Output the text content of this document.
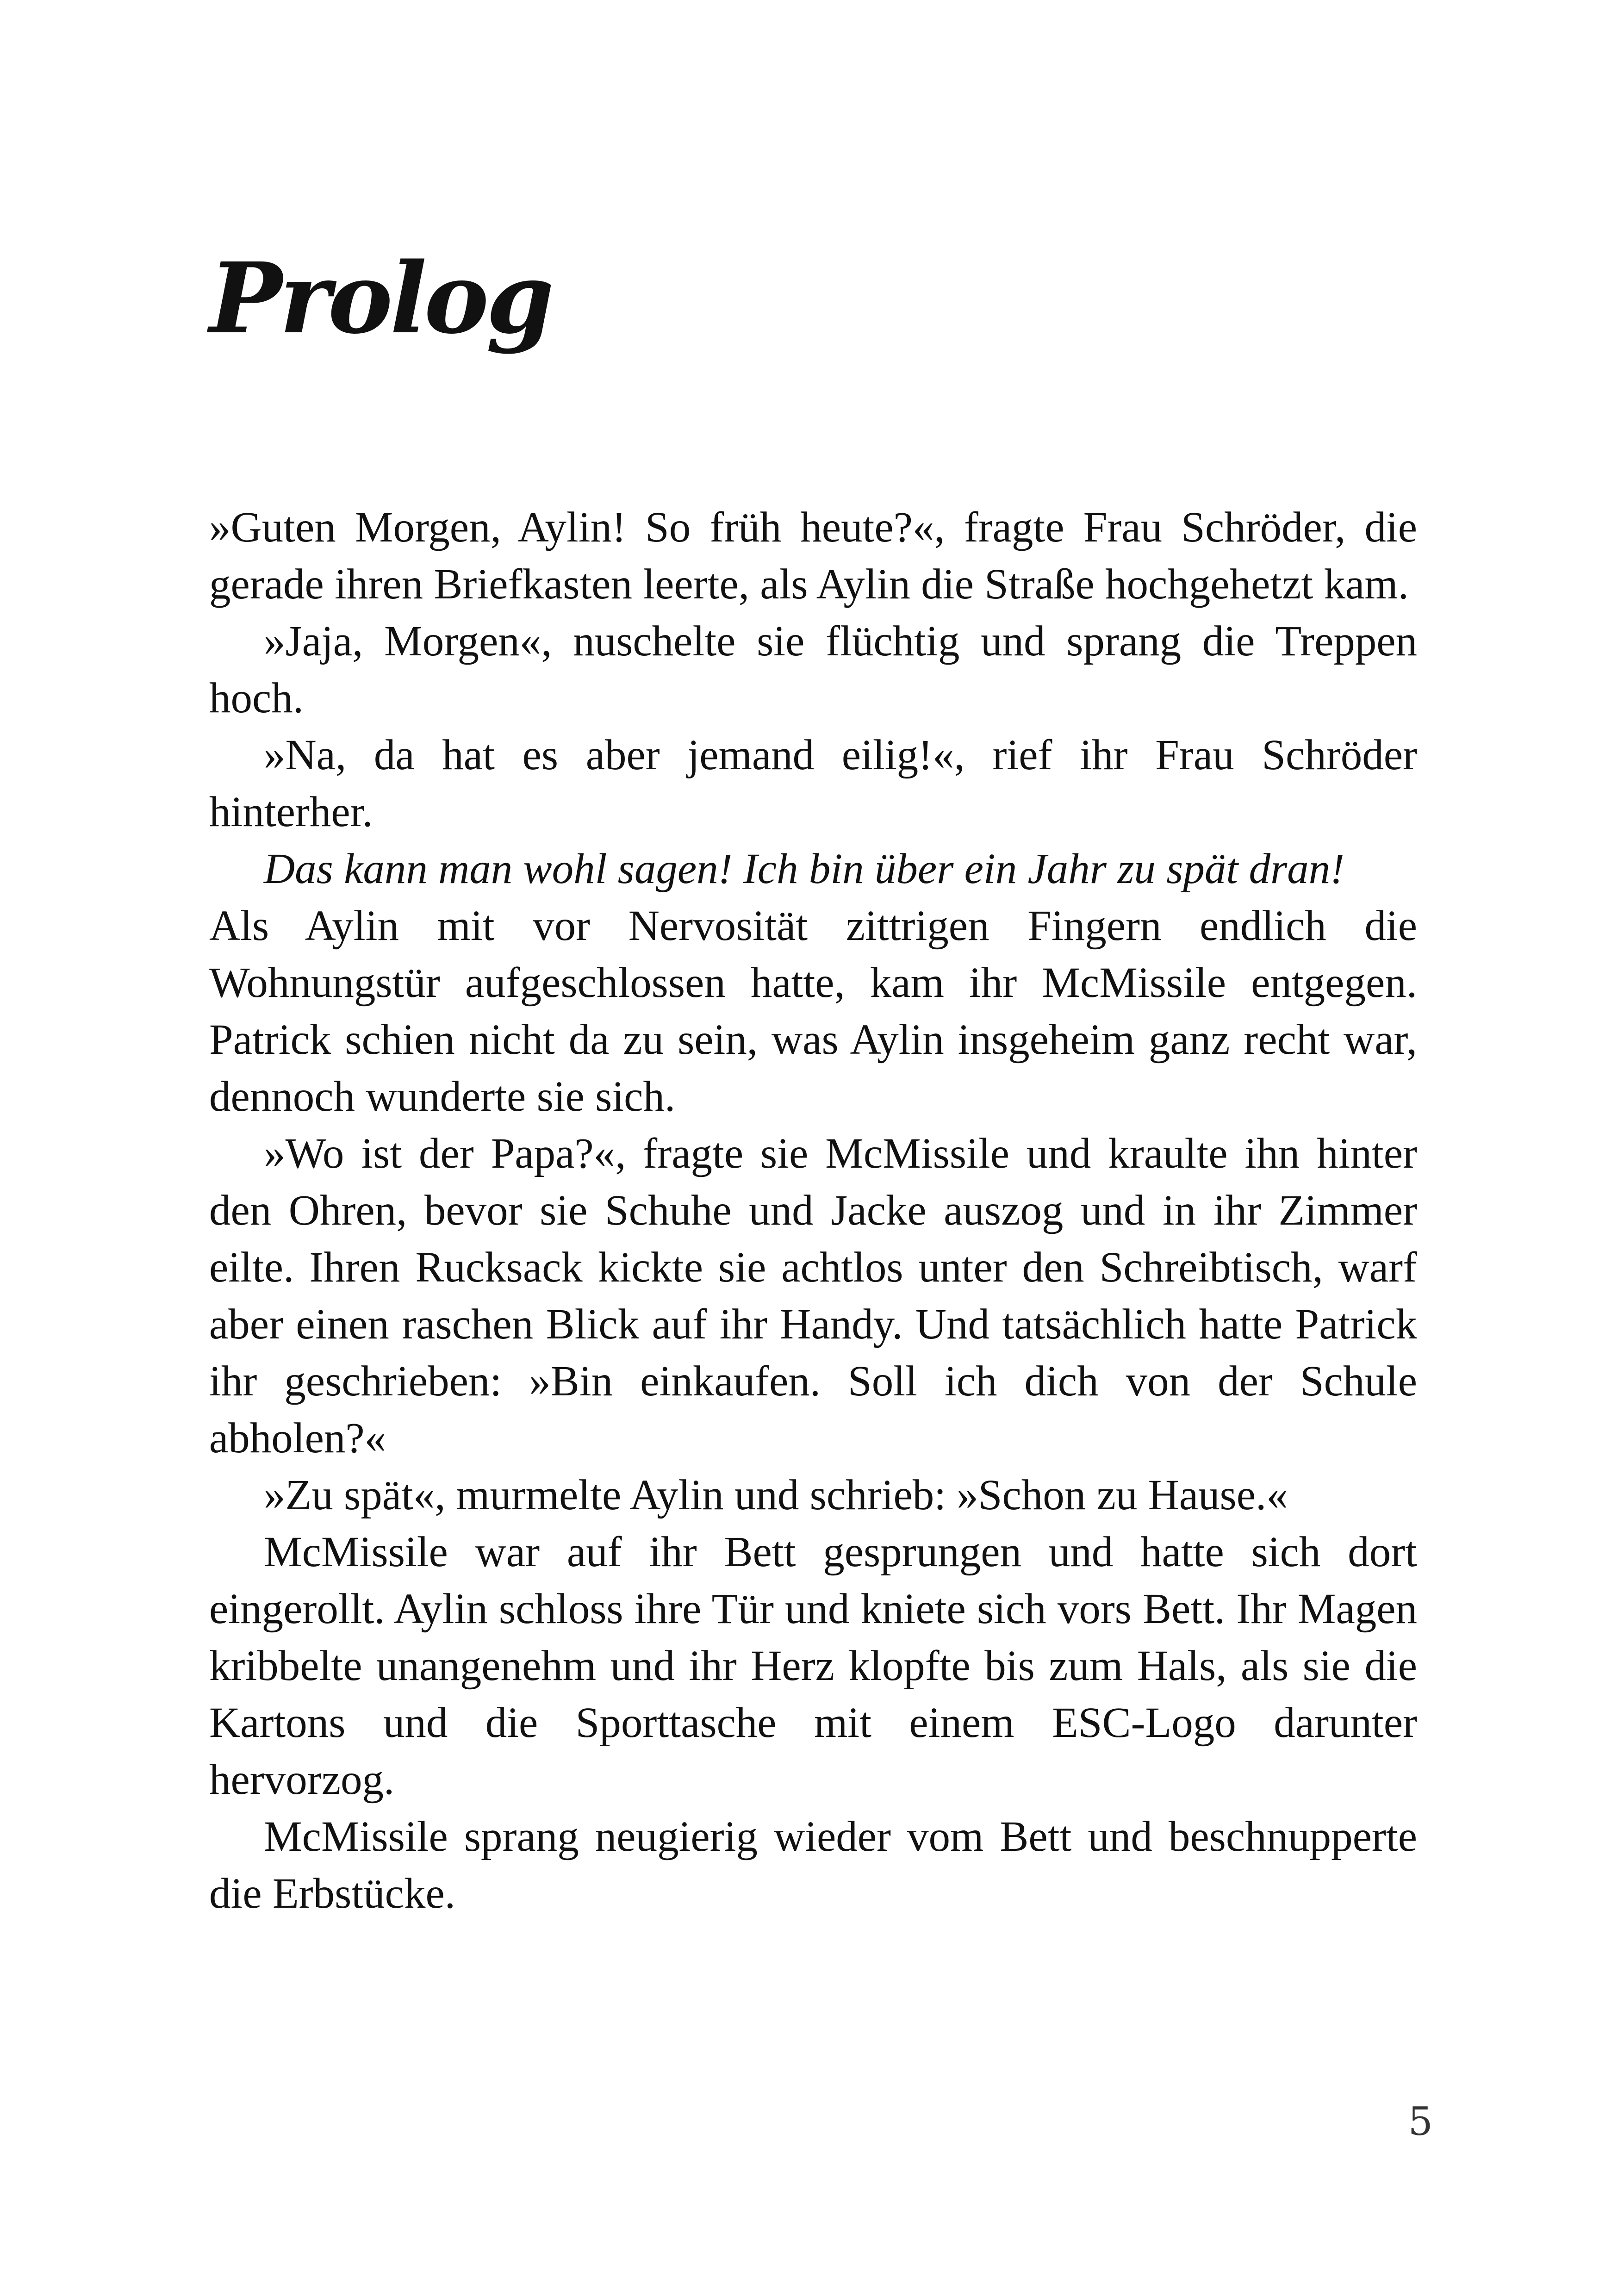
Prolog

»Guten Morgen, Aylin! So früh heute?«, fragte Frau Schröder, die gerade ihren Briefkasten leerte, als Aylin die Straße hochgehetzt kam.

»Jaja, Morgen«, nuschelte sie flüchtig und sprang die Treppen hoch.

»Na, da hat es aber jemand eilig!«, rief ihr Frau Schröder hinterher.

Das kann man wohl sagen! Ich bin über ein Jahr zu spät dran!

Als Aylin mit vor Nervosität zittrigen Fingern endlich die Wohnungstür aufgeschlossen hatte, kam ihr McMissile entgegen. Patrick schien nicht da zu sein, was Aylin insgeheim ganz recht war, dennoch wunderte sie sich.

»Wo ist der Papa?«, fragte sie McMissile und kraulte ihn hinter den Ohren, bevor sie Schuhe und Jacke auszog und in ihr Zimmer eilte. Ihren Rucksack kickte sie achtlos unter den Schreibtisch, warf aber einen raschen Blick auf ihr Handy. Und tatsächlich hatte Patrick ihr geschrieben: »Bin einkaufen. Soll ich dich von der Schule abholen?«

»Zu spät«, murmelte Aylin und schrieb: »Schon zu Hause.«

McMissile war auf ihr Bett gesprungen und hatte sich dort eingerollt. Aylin schloss ihre Tür und kniete sich vors Bett. Ihr Magen kribbelte unangenehm und ihr Herz klopfte bis zum Hals, als sie die Kartons und die Sporttasche mit einem ESC-Logo darunter hervorzog.

McMissile sprang neugierig wieder vom Bett und beschnupperte die Erbstücke.

5
